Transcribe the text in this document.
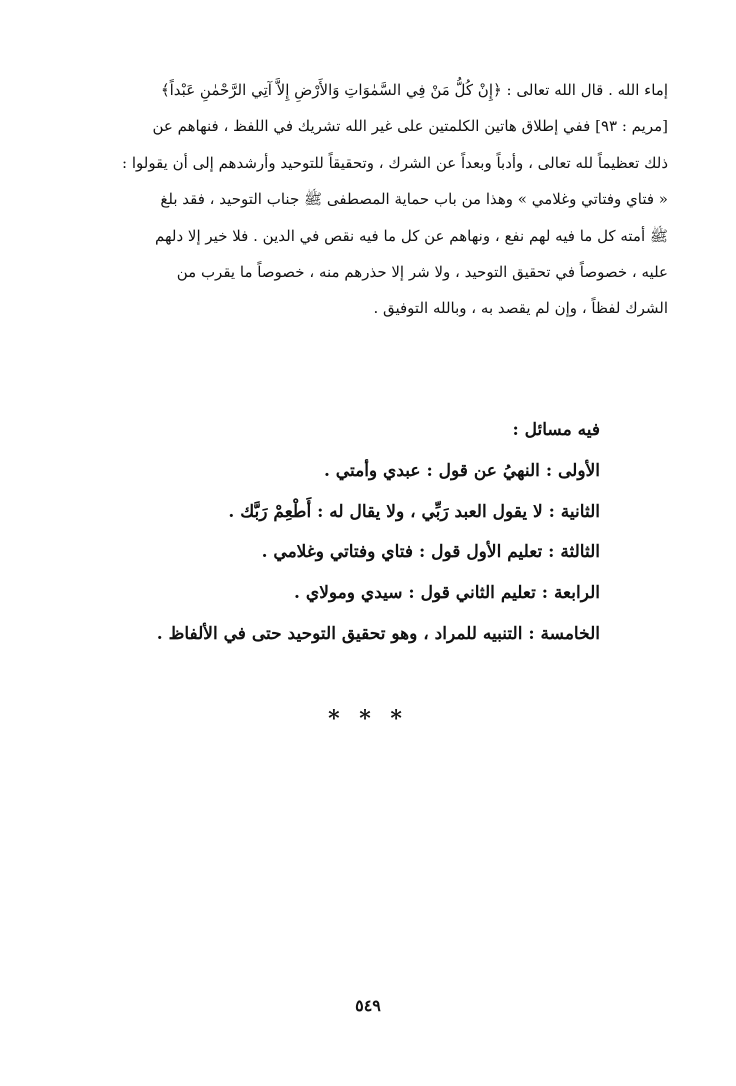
إماء الله . قال الله تعالى : ﴿إِنْ كُلُّ مَنْ فِي السَّمٰوَاتِ وَالأَرْضِ إِلاَّ آتِي الرَّحْمٰنِ عَبْداً﴾

[مريم : ٩٣] ففي إطلاق هاتين الكلمتين على غير الله تشريك في اللفظ ، فنهاهم عن

ذلك تعظيماً لله تعالى ، وأدباً وبعداً عن الشرك ، وتحقيقاً للتوحيد وأرشدهم إلى أن يقولوا :

« فتاي وفتاتي وغلامي » وهذا من باب حماية المصطفى ﷺ جناب التوحيد ، فقد بلغ

ﷺ أمته كل ما فيه لهم نفع ، ونهاهم عن كل ما فيه نقص في الدين . فلا خير إلا دلهم

عليه ، خصوصاً في تحقيق التوحيد ، ولا شر إلا حذرهم منه ، خصوصاً ما يقرب من

الشرك لفظاً ، وإن لم يقصد به ، وبالله التوفيق .

فيه مسائل :
الأولى : النهيُ عن قول : عبدي وأمتي .
الثانية : لا يقول العبد رَبِّي ، ولا يقال له : أَطْعِمْ رَبَّك .
الثالثة : تعليم الأول قول : فتاي وفتاتي وغلامي .
الرابعة : تعليم الثاني قول : سيدي ومولاي .
الخامسة : التنبيه للمراد ، وهو تحقيق التوحيد حتى في الألفاظ .
* * *
٥٤٩
